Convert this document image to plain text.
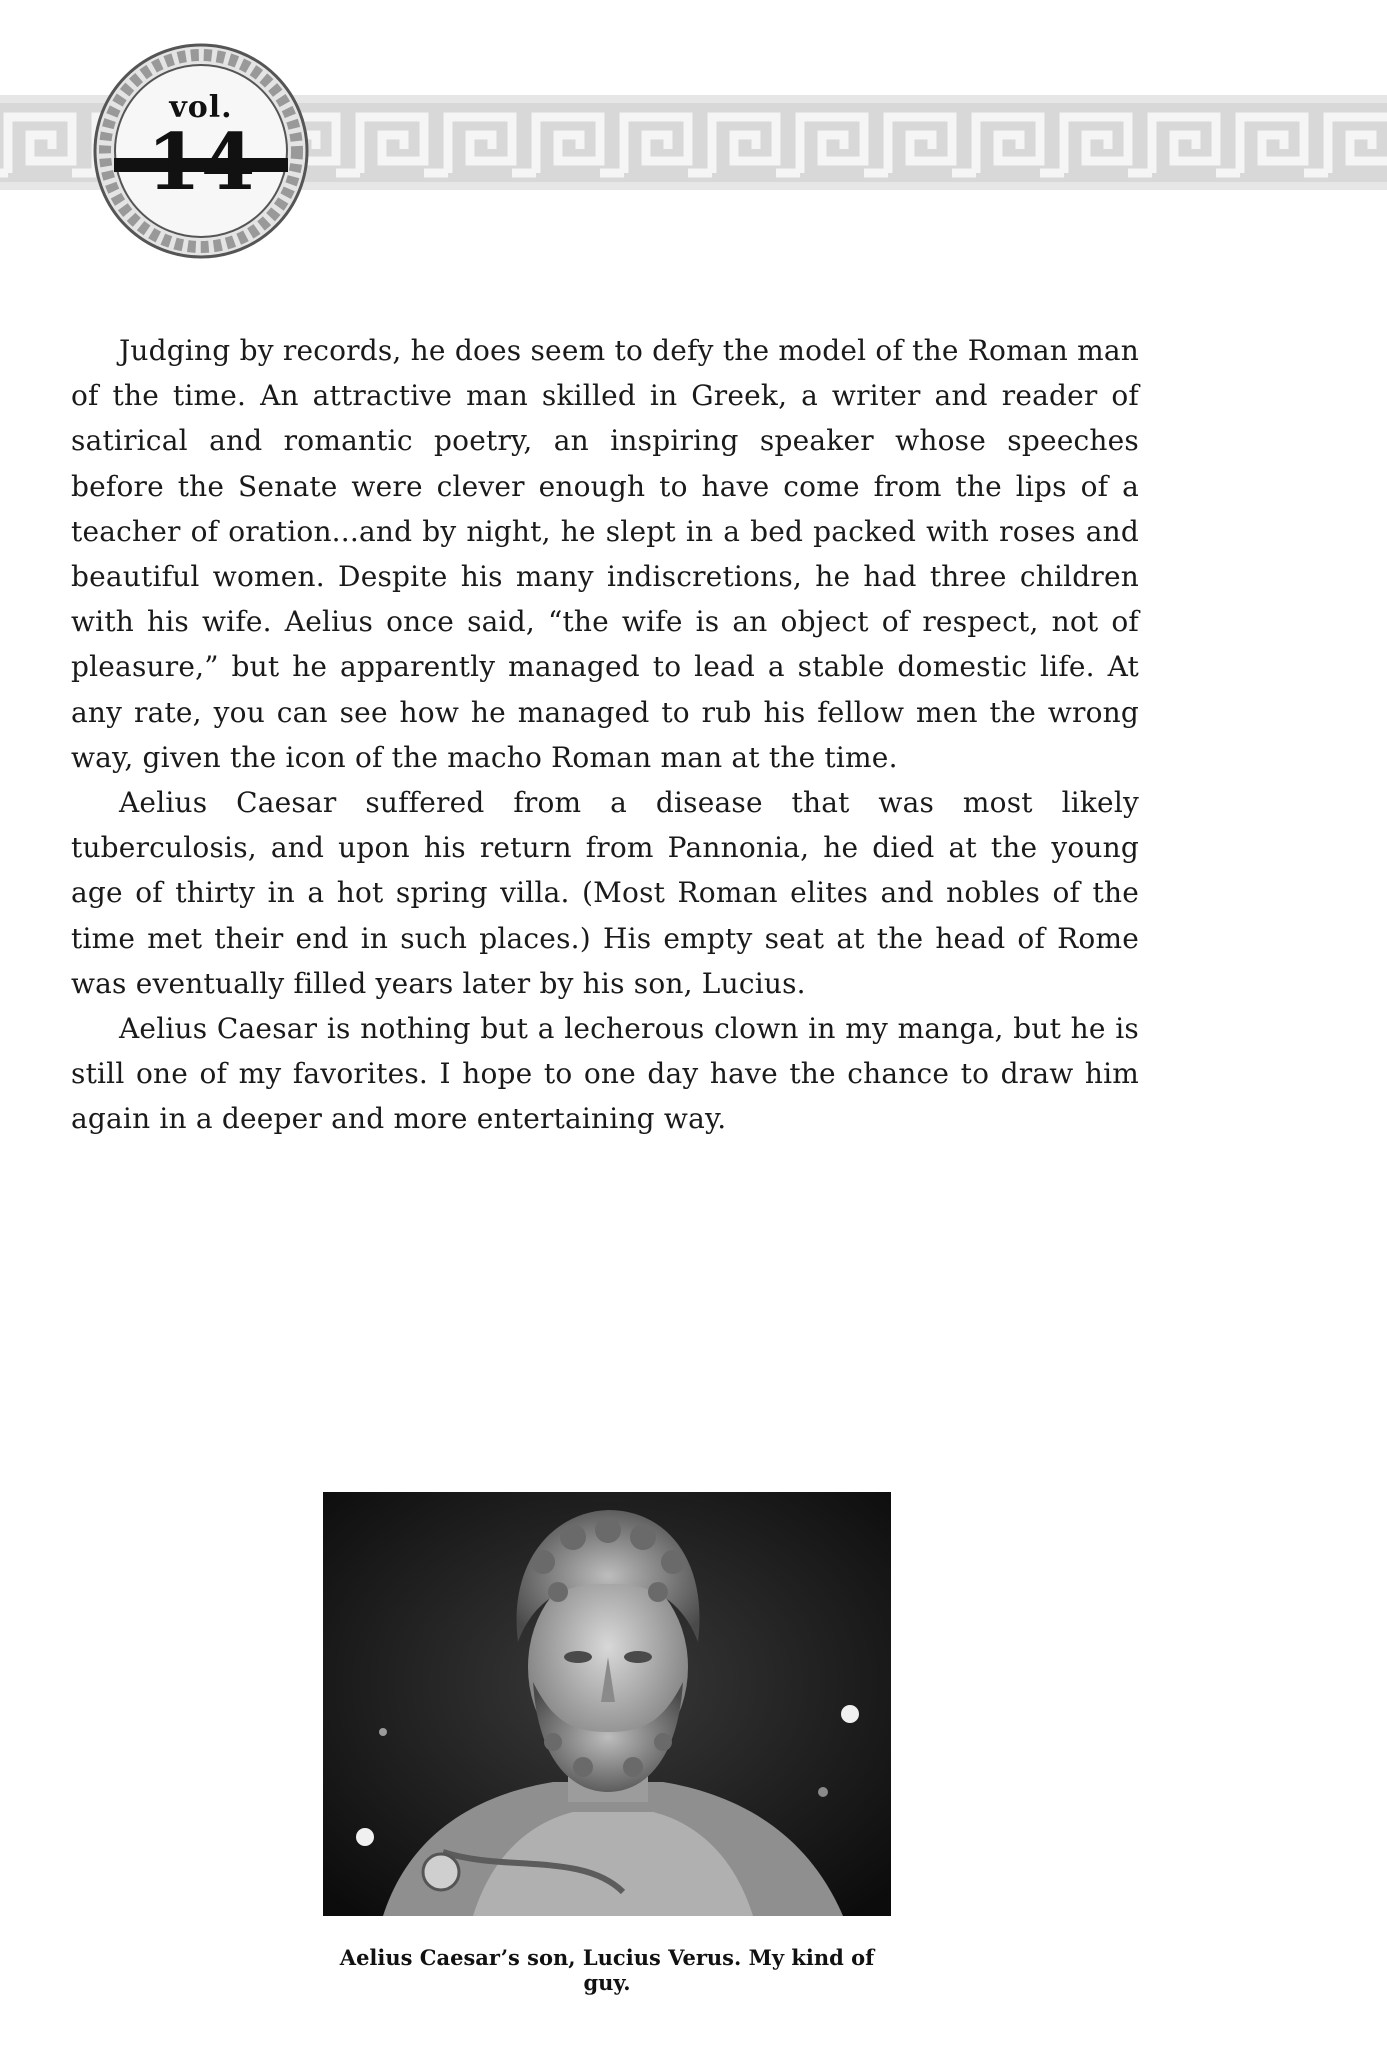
vol.
14

Judging by records, he does seem to defy the model of the Roman man of the time. An attractive man skilled in Greek, a writer and reader of satirical and romantic poetry, an inspiring speaker whose speeches before the Senate were clever enough to have come from the lips of a teacher of oration...and by night, he slept in a bed packed with roses and beautiful women. Despite his many indiscretions, he had three children with his wife. Aelius once said, “the wife is an object of respect, not of pleasure,” but he apparently managed to lead a stable domestic life. At any rate, you can see how he managed to rub his fellow men the wrong way, given the icon of the macho Roman man at the time.

Aelius Caesar suffered from a disease that was most likely tuberculosis, and upon his return from Pannonia, he died at the young age of thirty in a hot spring villa. (Most Roman elites and nobles of the time met their end in such places.) His empty seat at the head of Rome was eventually filled years later by his son, Lucius.

Aelius Caesar is nothing but a lecherous clown in my manga, but he is still one of my favorites. I hope to one day have the chance to draw him again in a deeper and more entertaining way.

Aelius Caesar’s son, Lucius Verus. My kind of guy.
